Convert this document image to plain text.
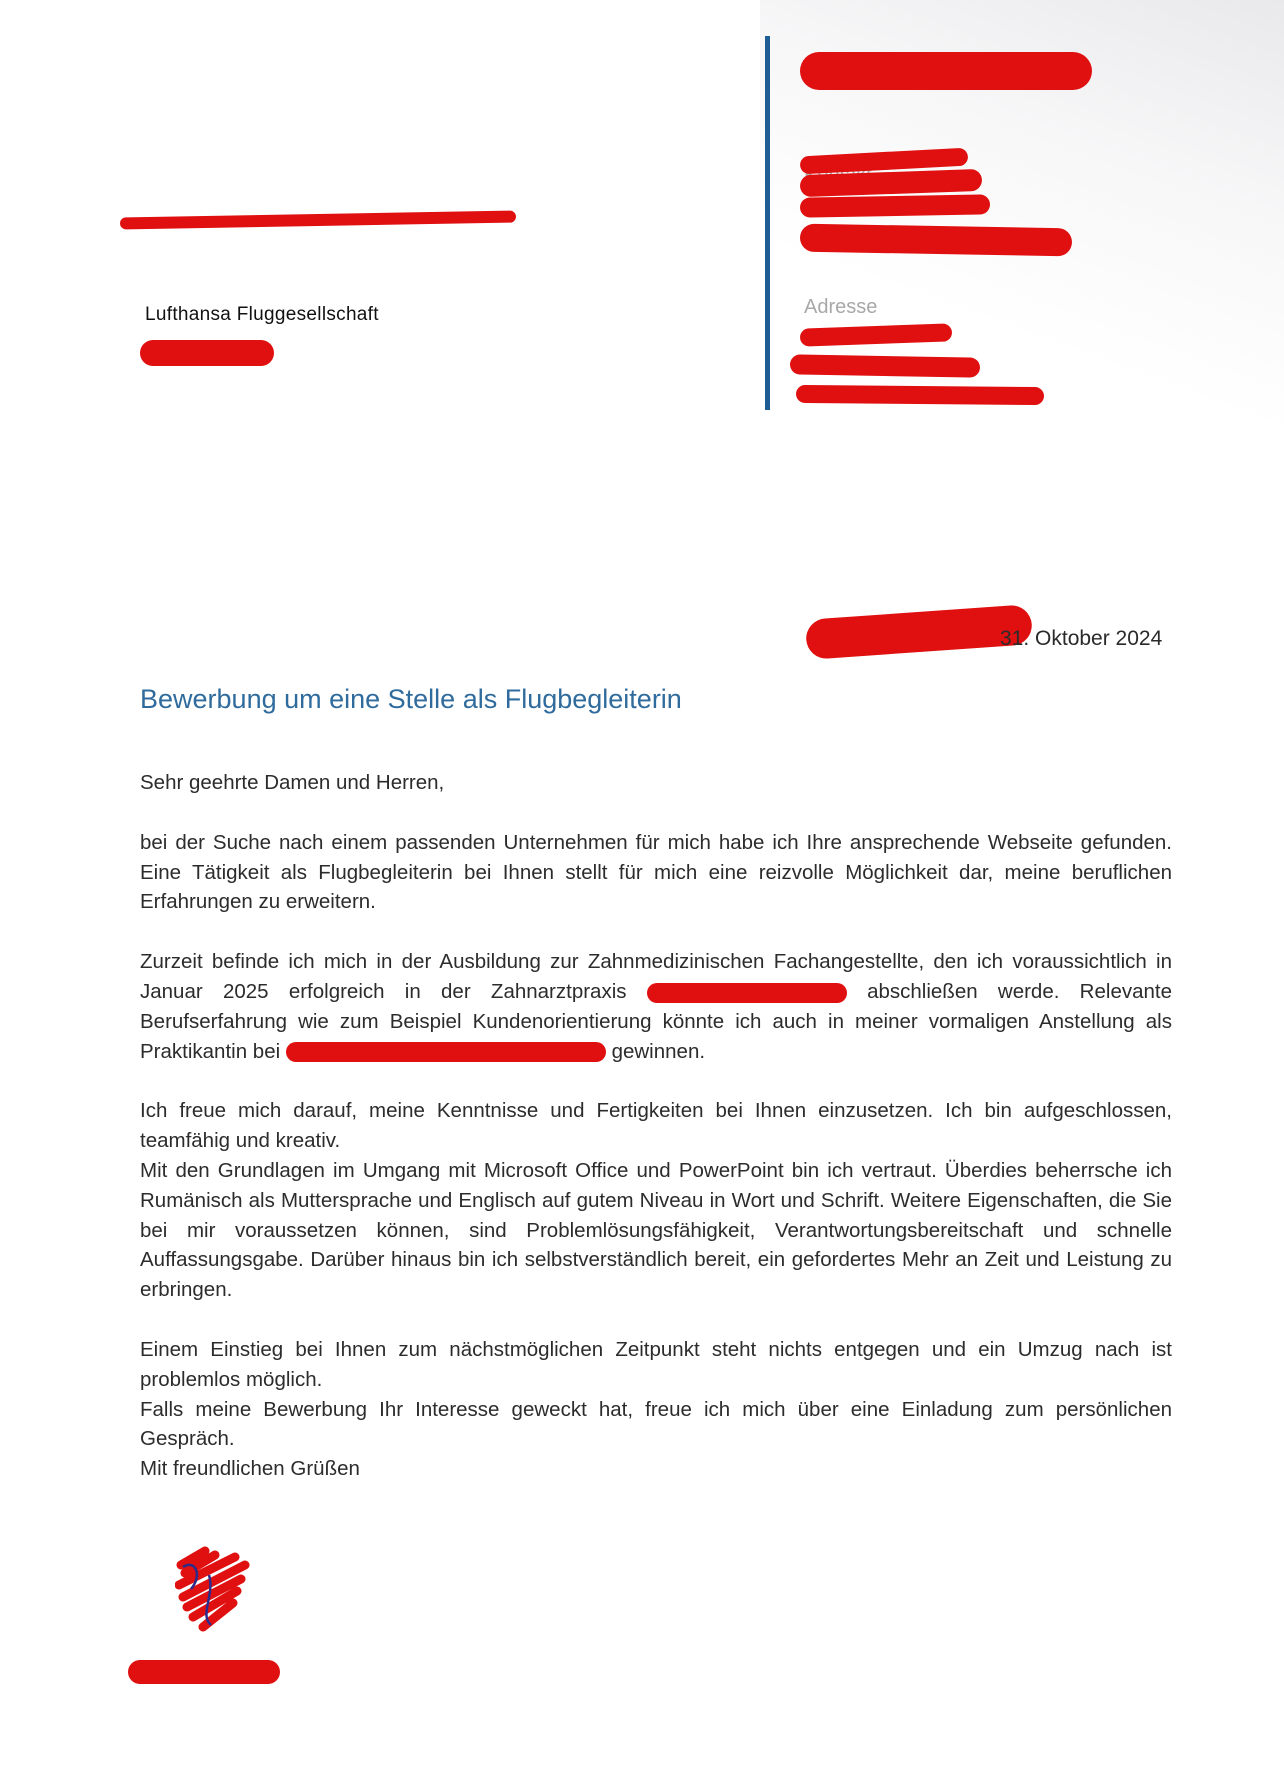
Adresse
Lufthansa Fluggesellschaft
31. Oktober 2024
Bewerbung um eine Stelle als Flugbegleiterin

Sehr geehrte Damen und Herren,

bei der Suche nach einem passenden Unternehmen für mich habe ich Ihre ansprechende Webseite gefunden. Eine Tätigkeit als Flugbegleiterin bei Ihnen stellt für mich eine reizvolle Möglichkeit dar, meine beruflichen Erfahrungen zu erweitern.

Zurzeit befinde ich mich in der Ausbildung zur Zahnmedizinischen Fachangestellte, den ich voraussichtlich in Januar 2025 erfolgreich in der Zahnarztpraxis	abschließen werde. Relevante Berufserfahrung wie zum Beispiel Kundenorientierung könnte ich auch in meiner vormaligen Anstellung als Praktikantin bei	gewinnen.

Ich freue mich darauf, meine Kenntnisse und Fertigkeiten bei Ihnen einzusetzen. Ich bin aufgeschlossen, teamfähig und kreativ.

Mit den Grundlagen im Umgang mit Microsoft Office und PowerPoint bin ich vertraut. Überdies beherrsche ich Rumänisch als Muttersprache und Englisch auf gutem Niveau in Wort und Schrift. Weitere Eigenschaften, die Sie bei mir voraussetzen können, sind Problemlösungsfähigkeit, Verantwortungsbereitschaft und schnelle Auffassungsgabe. Darüber hinaus bin ich selbstverständlich bereit, ein gefordertes Mehr an Zeit und Leistung zu erbringen.

Einem Einstieg bei Ihnen zum nächstmöglichen Zeitpunkt steht nichts entgegen und ein Umzug nach ist problemlos möglich.

Falls meine Bewerbung Ihr Interesse geweckt hat, freue ich mich über eine Einladung zum persönlichen Gespräch.

Mit freundlichen Grüßen
